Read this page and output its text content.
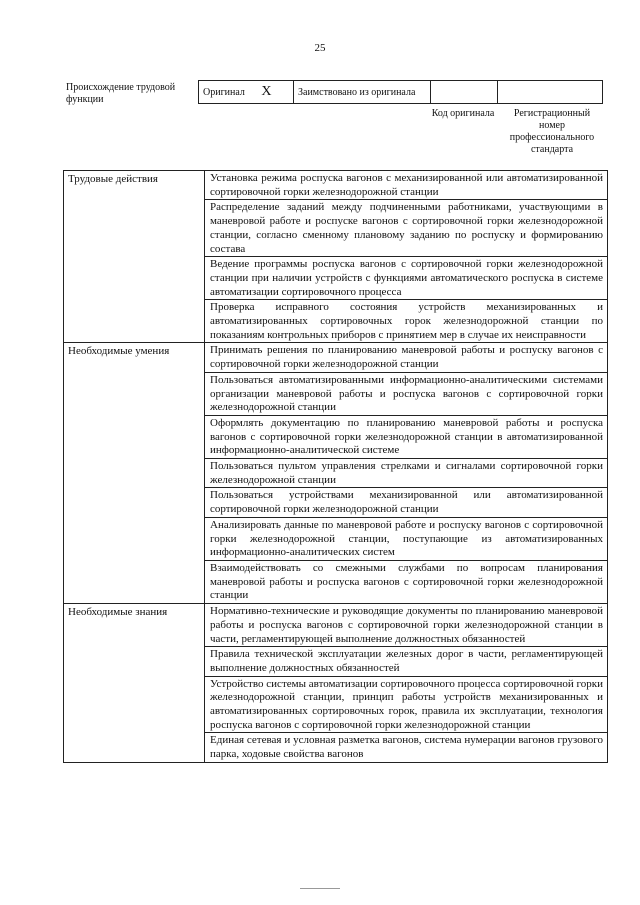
25
Происхождение трудовой функции
Оригинал X	Заимствовано из оригинала		
Код оригинала	Регистрационный номер профессионального стандарта
Трудовые действия	Установка режима роспуска вагонов с механизированной или автоматизированной сортировочной горки железнодорожной станции
	Распределение заданий между подчиненными работниками, участвующими в маневровой работе и роспуске вагонов с сортировочной горки железнодорожной станции, согласно сменному плановому заданию по роспуску и формированию состава
	Ведение программы роспуска вагонов с сортировочной горки железнодорожной станции при наличии устройств с функциями автоматического роспуска в системе автоматизации сортировочного процесса
	Проверка исправного состояния устройств механизированных и автоматизированных сортировочных горок железнодорожной станции по показаниям контрольных приборов с принятием мер в случае их неисправности
Необходимые умения	Принимать решения по планированию маневровой работы и роспуску вагонов с сортировочной горки железнодорожной станции
	Пользоваться автоматизированными информационно-аналитическими системами организации маневровой работы и роспуска вагонов с сортировочной горки железнодорожной станции
	Оформлять документацию по планированию маневровой работы и роспуска вагонов с сортировочной горки железнодорожной станции в автоматизированной информационно-аналитической системе
	Пользоваться пультом управления стрелками и сигналами сортировочной горки железнодорожной станции
	Пользоваться устройствами механизированной или автоматизированной сортировочной горки железнодорожной станции
	Анализировать данные по маневровой работе и роспуску вагонов с сортировочной горки железнодорожной станции, поступающие из автоматизированных информационно-аналитических систем
	Взаимодействовать со смежными службами по вопросам планирования маневровой работы и роспуска вагонов с сортировочной горки железнодорожной станции
Необходимые знания	Нормативно-технические и руководящие документы по планированию маневровой работы и роспуска вагонов с сортировочной горки железнодорожной станции в части, регламентирующей выполнение должностных обязанностей
	Правила технической эксплуатации железных дорог в части, регламентирующей выполнение должностных обязанностей
	Устройство системы автоматизации сортировочного процесса сортировочной горки железнодорожной станции, принцип работы устройств механизированных и автоматизированных сортировочных горок, правила их эксплуатации, технология роспуска вагонов с сортировочной горки железнодорожной станции
	Единая сетевая и условная разметка вагонов, система нумерации вагонов грузового парка, ходовые свойства вагонов
